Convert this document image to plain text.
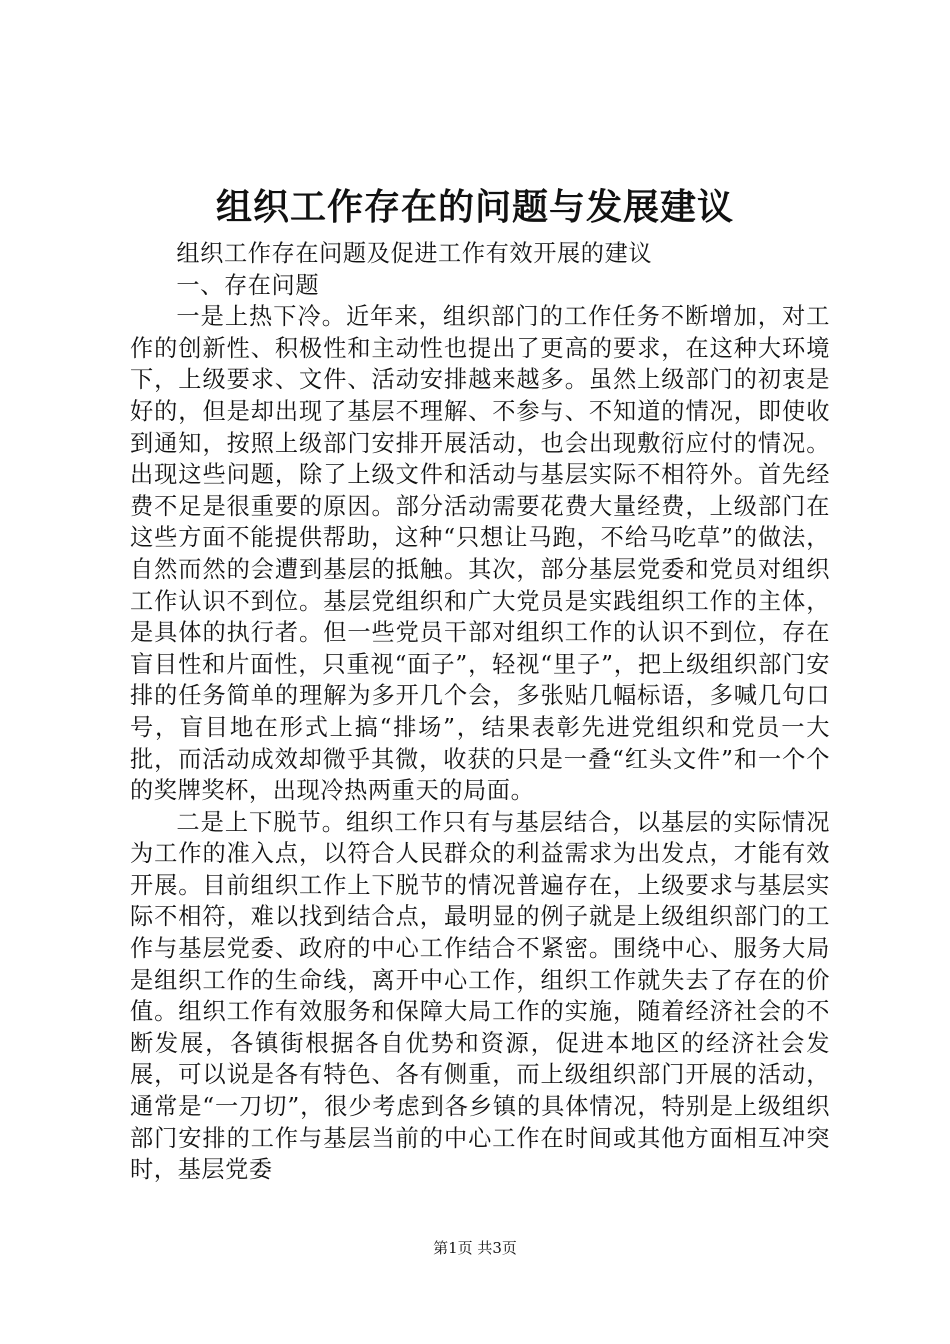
组织工作存在的问题与发展建议

组织工作存在问题及促进工作有效开展的建议

一、存在问题

一是上热下冷。近年来，组织部门的工作任务不断增加，对工作的创新性、积极性和主动性也提出了更高的要求，在这种大环境下，上级要求、文件、活动安排越来越多。虽然上级部门的初衷是好的，但是却出现了基层不理解、不参与、不知道的情况，即使收到通知，按照上级部门安排开展活动，也会出现敷衍应付的情况。出现这些问题，除了上级文件和活动与基层实际不相符外。首先经费不足是很重要的原因。部分活动需要花费大量经费，上级部门在这些方面不能提供帮助，这种“只想让马跑，不给马吃草”的做法，自然而然的会遭到基层的抵触。其次，部分基层党委和党员对组织工作认识不到位。基层党组织和广大党员是实践组织工作的主体，是具体的执行者。但一些党员干部对组织工作的认识不到位，存在盲目性和片面性，只重视“面子”，轻视“里子”，把上级组织部门安排的任务简单的理解为多开几个会，多张贴几幅标语，多喊几句口号，盲目地在形式上搞“排场”，结果表彰先进党组织和党员一大批，而活动成效却微乎其微，收获的只是一叠“红头文件”和一个个的奖牌奖杯，出现冷热两重天的局面。

二是上下脱节。组织工作只有与基层结合，以基层的实际情况为工作的准入点，以符合人民群众的利益需求为出发点，才能有效开展。目前组织工作上下脱节的情况普遍存在，上级要求与基层实际不相符，难以找到结合点，最明显的例子就是上级组织部门的工作与基层党委、政府的中心工作结合不紧密。围绕中心、服务大局是组织工作的生命线，离开中心工作，组织工作就失去了存在的价值。组织工作有效服务和保障大局工作的实施，随着经济社会的不断发展，各镇街根据各自优势和资源，促进本地区的经济社会发展，可以说是各有特色、各有侧重，而上级组织部门开展的活动，通常是“一刀切”，很少考虑到各乡镇的具体情况，特别是上级组织部门安排的工作与基层当前的中心工作在时间或其他方面相互冲突时，基层党委

第1页 共3页
